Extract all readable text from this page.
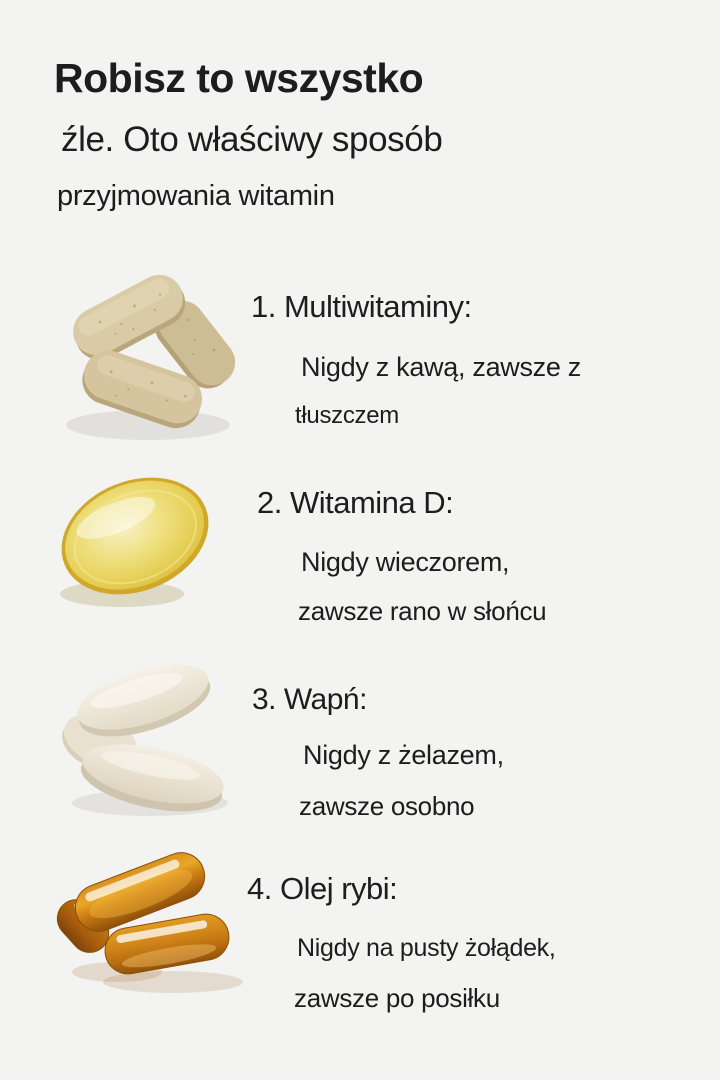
Robisz to wszystko
źle. Oto właściwy sposób
przyjmowania witamin
1. Multiwitaminy:
Nigdy z kawą, zawsze z
tłuszczem
2. Witamina D:
Nigdy wieczorem,
zawsze rano w słońcu
3. Wapń:
Nigdy z żelazem,
zawsze osobno
4. Olej rybi:
Nigdy na pusty żołądek,
zawsze po posiłku
